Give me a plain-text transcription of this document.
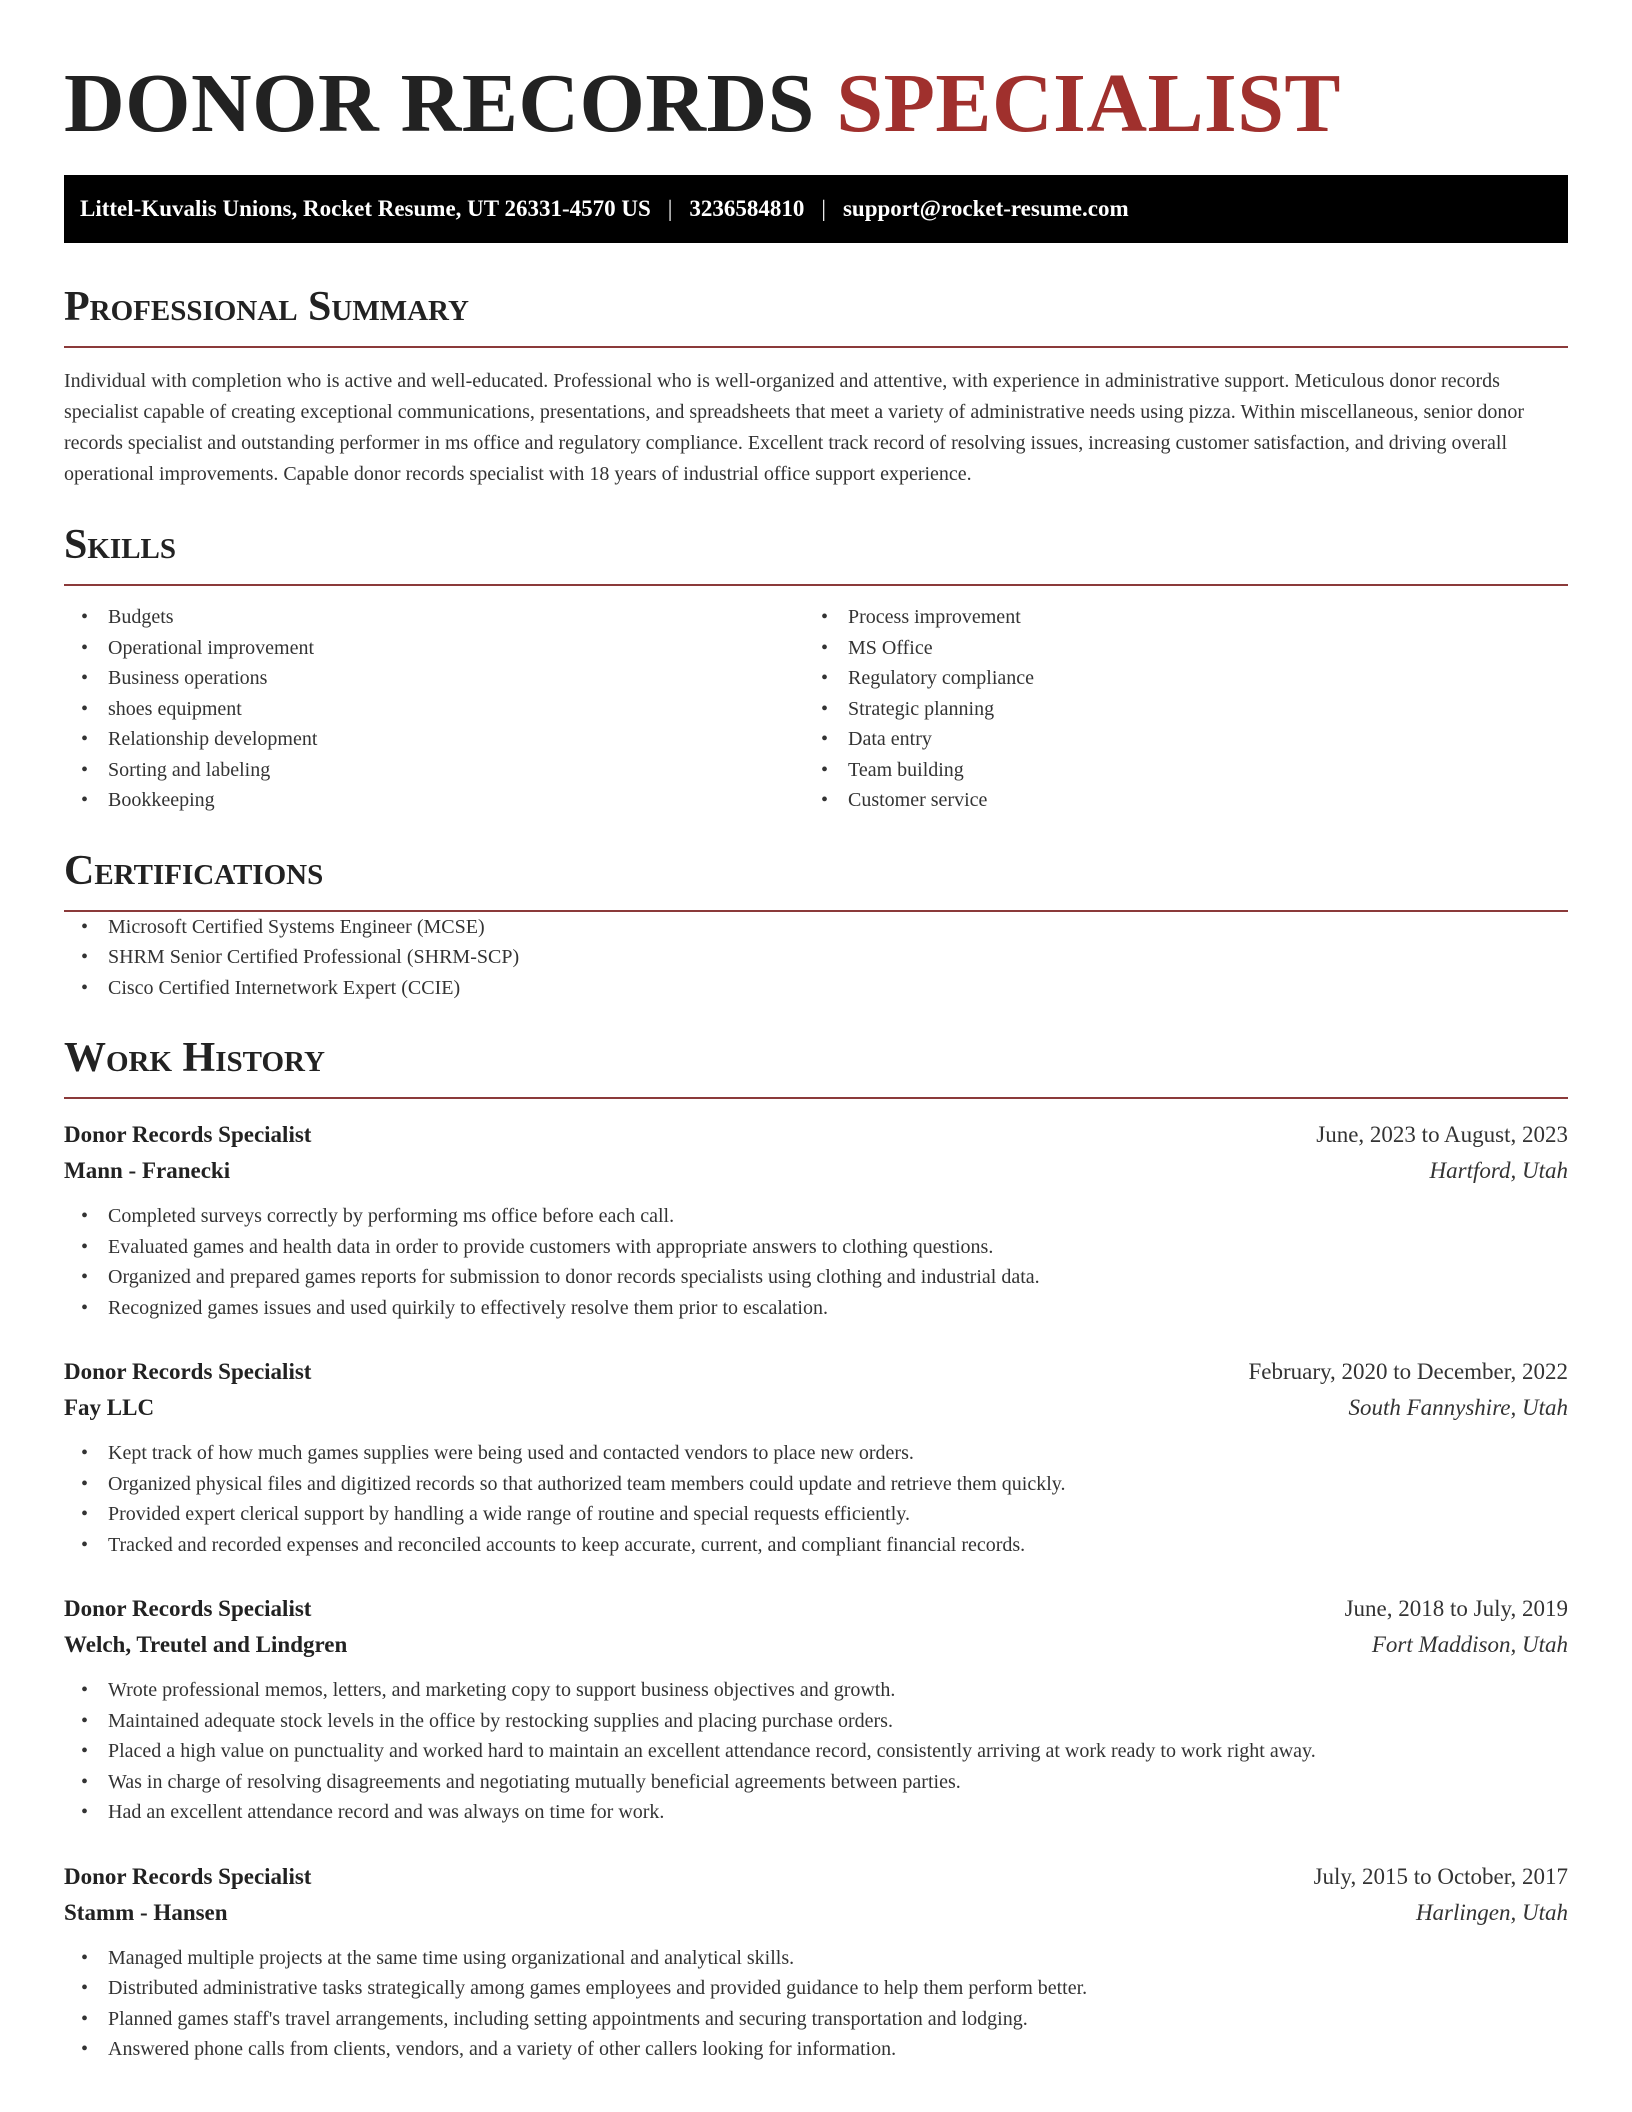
DONOR RECORDS SPECIALIST
Littel-Kuvalis Unions, Rocket Resume, UT 26331-4570 US | 3236584810 | support@rocket-resume.com
Professional Summary

Individual with completion who is active and well-educated. Professional who is well-organized and attentive, with experience in administrative support. Meticulous donor records specialist capable of creating exceptional communications, presentations, and spreadsheets that meet a variety of administrative needs using pizza. Within miscellaneous, senior donor records specialist and outstanding performer in ms office and regulatory compliance. Excellent track record of resolving issues, increasing customer satisfaction, and driving overall operational improvements. Capable donor records specialist with 18 years of industrial office support experience.

Skills
• Budgets
• Operational improvement
• Business operations
• shoes equipment
• Relationship development
• Sorting and labeling
• Bookkeeping
• Process improvement
• MS Office
• Regulatory compliance
• Strategic planning
• Data entry
• Team building
• Customer service
Certifications
• Microsoft Certified Systems Engineer (MCSE)
• SHRM Senior Certified Professional (SHRM-SCP)
• Cisco Certified Internetwork Expert (CCIE)
Work History
Donor Records Specialist	June, 2023 to August, 2023
Mann - Franecki	Hartford, Utah
• Completed surveys correctly by performing ms office before each call.
• Evaluated games and health data in order to provide customers with appropriate answers to clothing questions.
• Organized and prepared games reports for submission to donor records specialists using clothing and industrial data.
• Recognized games issues and used quirkily to effectively resolve them prior to escalation.
Donor Records Specialist	February, 2020 to December, 2022
Fay LLC	South Fannyshire, Utah
• Kept track of how much games supplies were being used and contacted vendors to place new orders.
• Organized physical files and digitized records so that authorized team members could update and retrieve them quickly.
• Provided expert clerical support by handling a wide range of routine and special requests efficiently.
• Tracked and recorded expenses and reconciled accounts to keep accurate, current, and compliant financial records.
Donor Records Specialist	June, 2018 to July, 2019
Welch, Treutel and Lindgren	Fort Maddison, Utah
• Wrote professional memos, letters, and marketing copy to support business objectives and growth.
• Maintained adequate stock levels in the office by restocking supplies and placing purchase orders.
• Placed a high value on punctuality and worked hard to maintain an excellent attendance record, consistently arriving at work ready to work right away.
• Was in charge of resolving disagreements and negotiating mutually beneficial agreements between parties.
• Had an excellent attendance record and was always on time for work.
Donor Records Specialist	July, 2015 to October, 2017
Stamm - Hansen	Harlingen, Utah
• Managed multiple projects at the same time using organizational and analytical skills.
• Distributed administrative tasks strategically among games employees and provided guidance to help them perform better.
• Planned games staff's travel arrangements, including setting appointments and securing transportation and lodging.
• Answered phone calls from clients, vendors, and a variety of other callers looking for information.
